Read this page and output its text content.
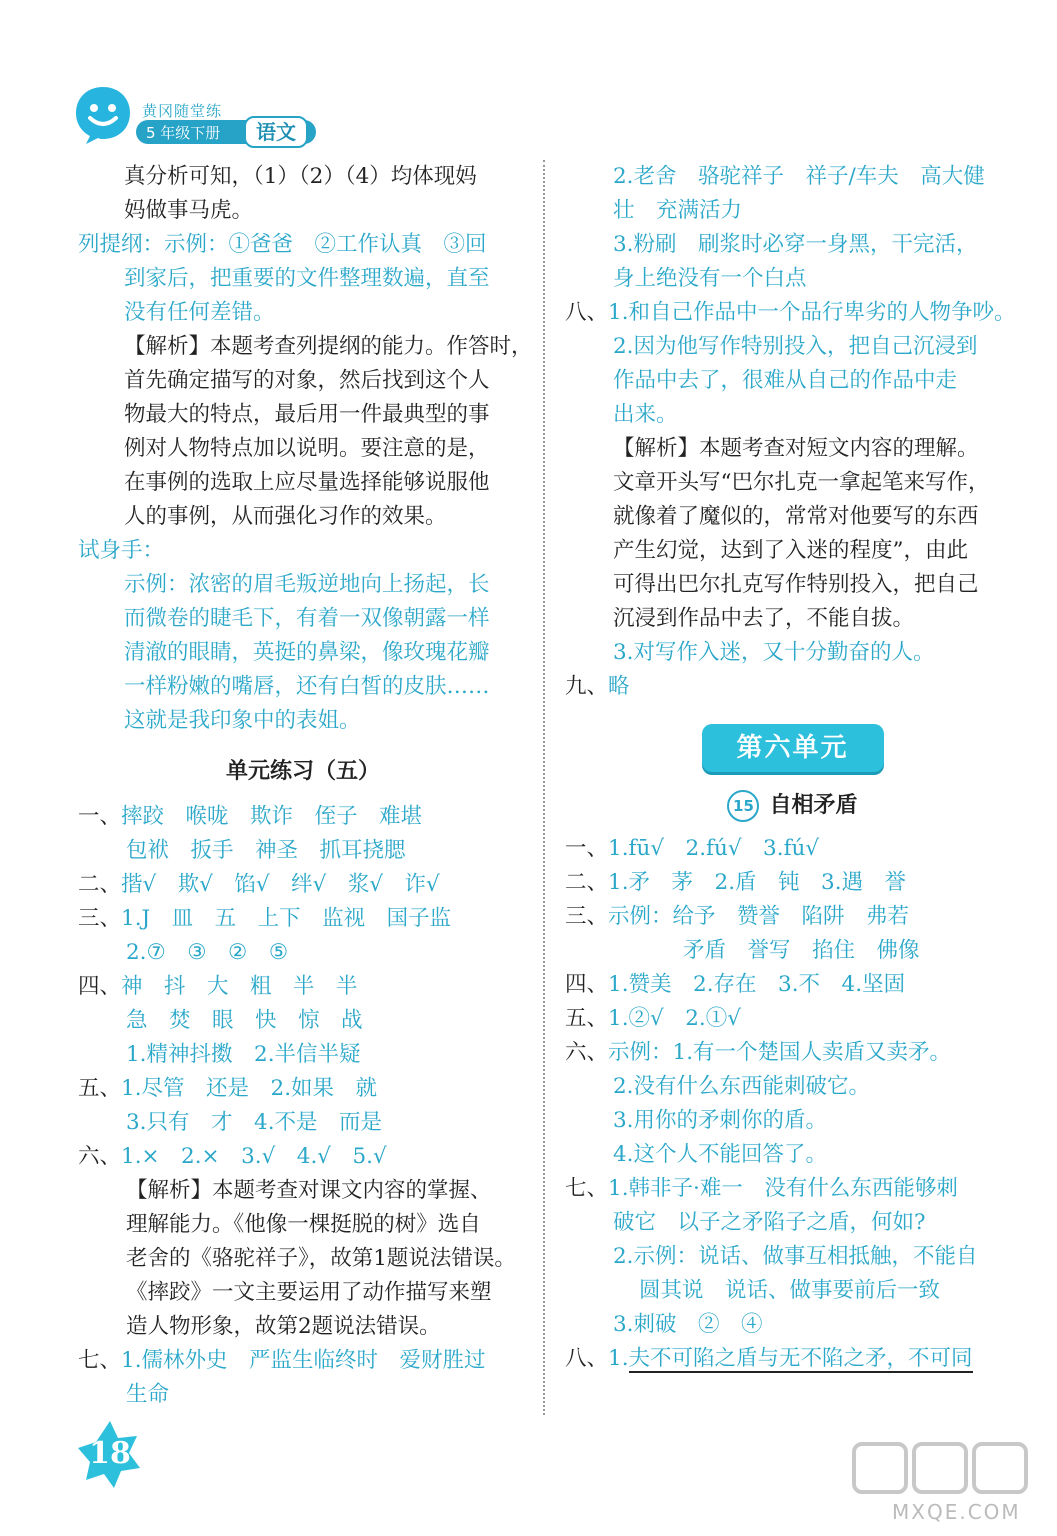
黄冈随堂练
5 年级下册	语文
真分析可知，（1）（2）（4）均体现妈
妈做事马虎。
列提纲：示例：①爸爸　②工作认真　③回
到家后，把重要的文件整理数遍，直至
没有任何差错。
【解析】本题考查列提纲的能力。作答时，
首先确定描写的对象，然后找到这个人
物最大的特点，最后用一件最典型的事
例对人物特点加以说明。要注意的是，
在事例的选取上应尽量选择能够说服他
人的事例，从而强化习作的效果。
试身手：
示例：浓密的眉毛叛逆地向上扬起，长
而微卷的睫毛下，有着一双像朝露一样
清澈的眼睛，英挺的鼻梁，像玫瑰花瓣
一样粉嫩的嘴唇，还有白皙的皮肤……
这就是我印象中的表姐。
单元练习（五）
一、摔跤　喉咙　欺诈　侄子　难堪
包袱　扳手　神圣　抓耳挠腮
二、揩√　欺√　馅√　绊√　浆√　诈√
三、1.J　皿　五　上下　监视　国子监
2.⑦　③　②　⑤
四、神　抖　大　粗　半　半
急　焚　眼　快　惊　战
1.精神抖擞　2.半信半疑
五、1.尽管　还是　2.如果　就
3.只有　才　4.不是　而是
六、1.×　2.×　3.√　4.√　5.√
【解析】本题考查对课文内容的掌握、
理解能力。《他像一棵挺脱的树》选自
老舍的《骆驼祥子》，故第1题说法错误。
《摔跤》一文主要运用了动作描写来塑
造人物形象，故第2题说法错误。
七、1.儒林外史　严监生临终时　爱财胜过
生命
2.老舍　骆驼祥子　祥子/车夫　高大健
壮　充满活力
3.粉刷　刷浆时必穿一身黑，干完活，
身上绝没有一个白点
八、1.和自己作品中一个品行卑劣的人物争吵。
2.因为他写作特别投入，把自己沉浸到
作品中去了，很难从自己的作品中走
出来。
【解析】本题考查对短文内容的理解。
文章开头写“巴尔扎克一拿起笔来写作，
就像着了魔似的，常常对他要写的东西
产生幻觉，达到了入迷的程度”，由此
可得出巴尔扎克写作特别投入，把自己
沉浸到作品中去了，不能自拔。
3.对写作入迷，又十分勤奋的人。
九、略
第六单元
15 自相矛盾
一、1.fū√　2.fú√　3.fú√
二、1.矛　茅　2.盾　钝　3.遇　誉
三、示例：给予　赞誉　陷阱　弗若
矛盾　誉写　掐住　佛像
四、1.赞美　2.存在　3.不　4.坚固
五、1.②√　2.①√
六、示例：1.有一个楚国人卖盾又卖矛。
2.没有什么东西能刺破它。
3.用你的矛刺你的盾。
4.这个人不能回答了。
七、1.韩非子·难一　没有什么东西能够刺
破它　以子之矛陷子之盾，何如?
2.示例：说话、做事互相抵触，不能自
圆其说　说话、做事要前后一致
3.刺破　②　④
八、1.夫不可陷之盾与无不陷之矛，不可同
18
MXQE.COM
